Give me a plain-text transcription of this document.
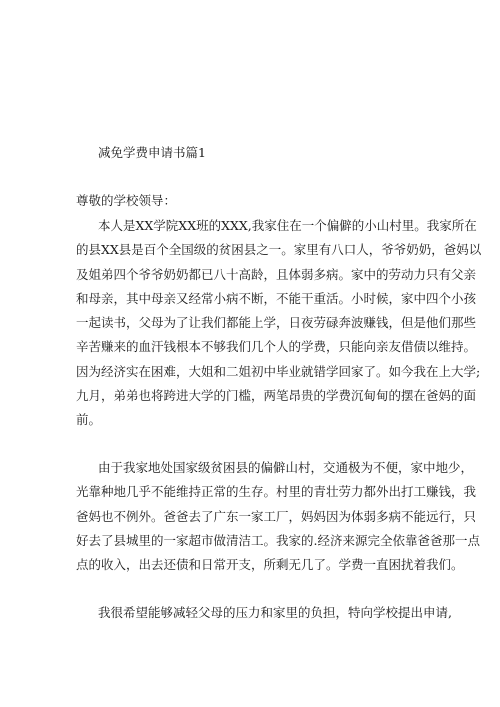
减免学费申请书篇1
尊敬的学校领导：
本人是XX学院XX班的XXX,我家住在一个偏僻的小山村里。我家所在
的县XX县是百个全国级的贫困县之一。家里有八口人，爷爷奶奶，爸妈以
及姐弟四个爷爷奶奶都已八十高龄，且体弱多病。家中的劳动力只有父亲
和母亲，其中母亲又经常小病不断，不能干重活。小时候，家中四个小孩
一起读书，父母为了让我们都能上学，日夜劳碌奔波赚钱，但是他们那些
辛苦赚来的血汗钱根本不够我们几个人的学费，只能向亲友借债以维持。
因为经济实在困难，大姐和二姐初中毕业就错学回家了。如今我在上大学;
九月，弟弟也将跨进大学的门槛，两笔昂贵的学费沉甸甸的摆在爸妈的面
前。
由于我家地处国家级贫困县的偏僻山村，交通极为不便，家中地少，
光靠种地几乎不能维持正常的生存。村里的青壮劳力都外出打工赚钱，我
爸妈也不例外。爸爸去了广东一家工厂，妈妈因为体弱多病不能远行，只
好去了县城里的一家超市做清洁工。我家的.经济来源完全依靠爸爸那一点
点的收入，出去还债和日常开支，所剩无几了。学费一直困扰着我们。
我很希望能够减轻父母的压力和家里的负担，特向学校提出申请,
